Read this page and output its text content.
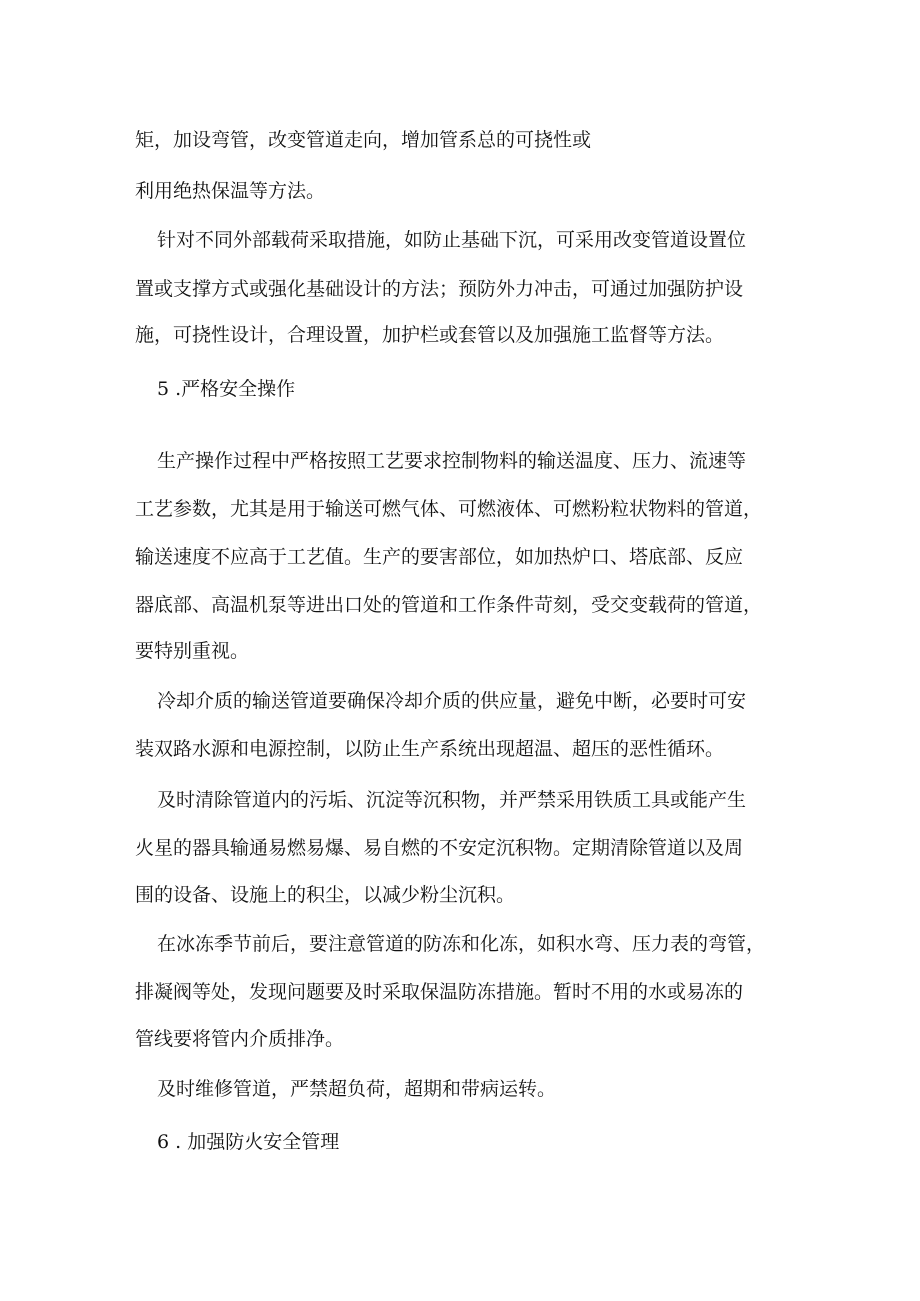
矩，加设弯管，改变管道走向，增加管系总的可挠性或
利用绝热保温等方法。
针对不同外部载荷采取措施，如防止基础下沉，可采用改变管道设置位
置或支撑方式或强化基础设计的方法；预防外力冲击，可通过加强防护设
施，可挠性设计，合理设置，加护栏或套管以及加强施工监督等方法。
5 .严格安全操作
生产操作过程中严格按照工艺要求控制物料的输送温度、压力、流速等
工艺参数，尤其是用于输送可燃气体、可燃液体、可燃粉粒状物料的管道，
输送速度不应高于工艺值。生产的要害部位，如加热炉口、塔底部、反应
器底部、高温机泵等进出口处的管道和工作条件苛刻，受交变载荷的管道，
要特别重视。
冷却介质的输送管道要确保冷却介质的供应量，避免中断，必要时可安
装双路水源和电源控制，以防止生产系统出现超温、超压的恶性循环。
及时清除管道内的污垢、沉淀等沉积物，并严禁采用铁质工具或能产生
火星的器具输通易燃易爆、易自燃的不安定沉积物。定期清除管道以及周
围的设备、设施上的积尘，以减少粉尘沉积。
在冰冻季节前后，要注意管道的防冻和化冻，如积水弯、压力表的弯管，
排凝阀等处，发现问题要及时采取保温防冻措施。暂时不用的水或易冻的
管线要将管内介质排净。
及时维修管道，严禁超负荷，超期和带病运转。
6 . 加强防火安全管理
